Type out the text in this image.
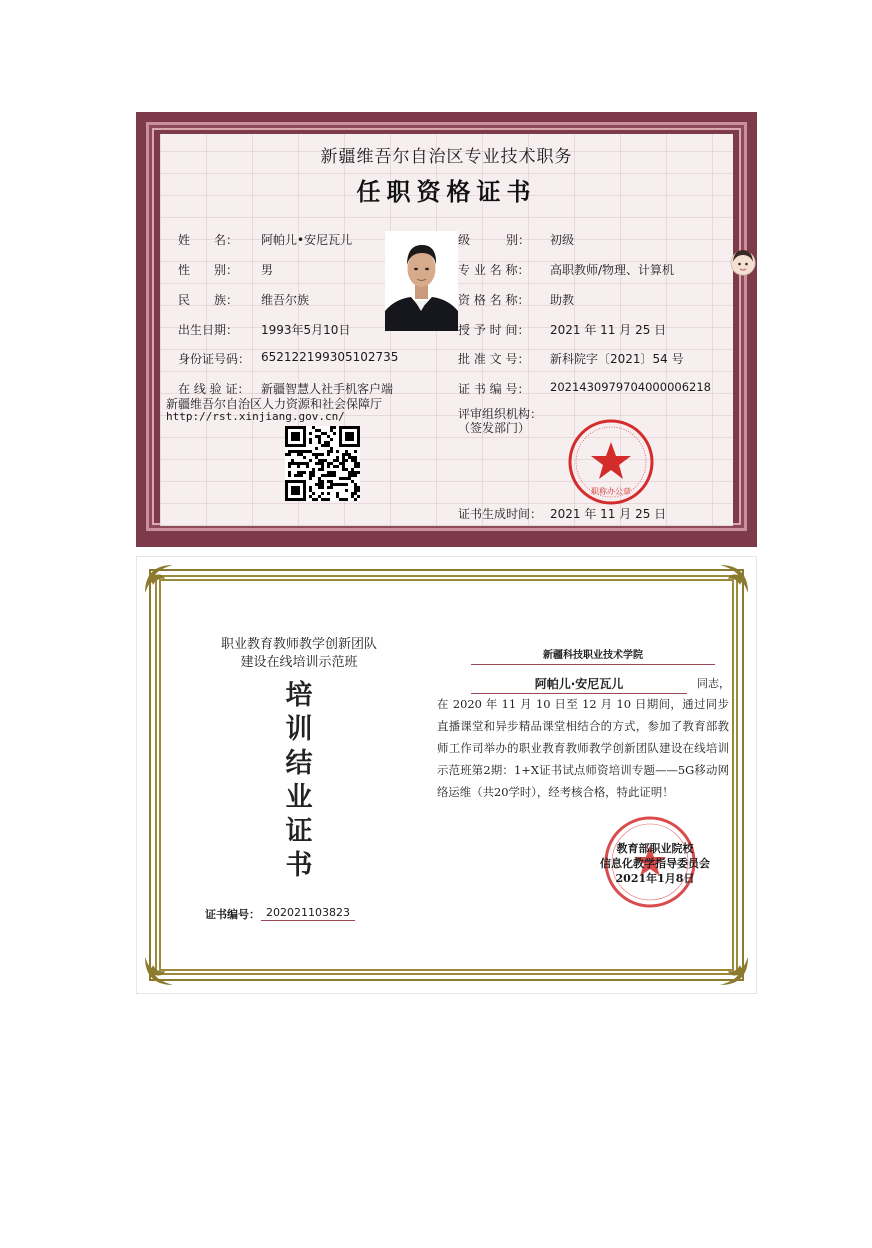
新疆维吾尔自治区专业技术职务
任职资格证书
姓　　名： 阿帕儿•安尼瓦儿
性　　别： 男
民　　族： 维吾尔族
出生日期： 1993年5月10日
身份证号码： 652122199305102735
在 线 验 证： 新疆智慧人社手机客户端
新疆维吾尔自治区人力资源和社会保障厅
http://rst.xinjiang.gov.cn/
级　　　别： 初级
专 业 名 称： 高职教师/物理、计算机
资 格 名 称： 助教
授 予 时 间： 2021 年 11 月 25 日
批 准 文 号： 新科院字〔2021〕54 号
证 书 编 号： 20214309797040000062​18
评审组织机构：
（签发部门）
职称办公章
证书生成时间： 2021 年 11 月 25 日
职业教育教师教学创新团队
建设在线培训示范班
培
训
结
业
证
书
证书编号： 202021103823
新疆科技职业技术学院
阿帕儿·安尼瓦儿	同志，
在 2020 年 11 月 10 日至 12 月 10 日期间，通过同步直播课堂和异步精品课堂相结合的方式，参加了教育部教师工作司举办的职业教育教师教学创新团队建设在线培训示范班第2期：1+X证书试点师资培训专题——5G移动网络运维（共20学时），经考核合格，特此证明！
教育部职业院校
信息化教学指导委员会
2021年1月8日
